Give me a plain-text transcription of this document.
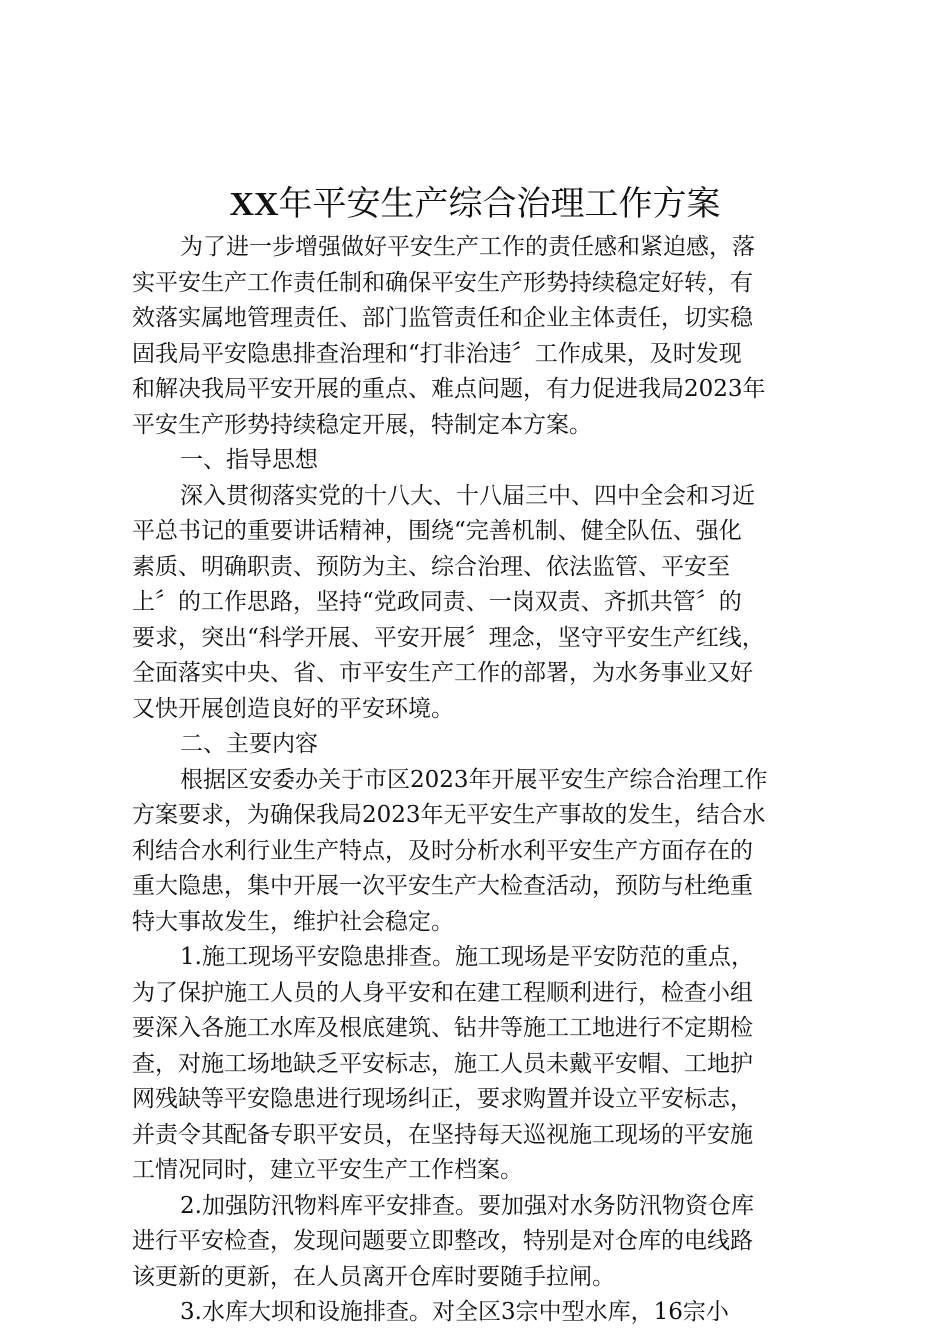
XX年平安生产综合治理工作方案
为了进一步增强做好平安生产工作的责任感和紧迫感，落
实平安生产工作责任制和确保平安生产形势持续稳定好转，有
效落实属地管理责任、部门监管责任和企业主体责任，切实稳
固我局平安隐患排查治理和“打非治违〞工作成果，及时发现
和解决我局平安开展的重点、难点问题，有力促进我局2023年
平安生产形势持续稳定开展，特制定本方案。
一、指导思想
深入贯彻落实党的十八大、十八届三中、四中全会和习近
平总书记的重要讲话精神，围绕“完善机制、健全队伍、强化
素质、明确职责、预防为主、综合治理、依法监管、平安至
上〞的工作思路，坚持“党政同责、一岗双责、齐抓共管〞的
要求，突出“科学开展、平安开展〞理念，坚守平安生产红线，
全面落实中央、省、市平安生产工作的部署，为水务事业又好
又快开展创造良好的平安环境。
二、主要内容
根据区安委办关于市区2023年开展平安生产综合治理工作
方案要求，为确保我局2023年无平安生产事故的发生，结合水
利结合水利行业生产特点，及时分析水利平安生产方面存在的
重大隐患，集中开展一次平安生产大检查活动，预防与杜绝重
特大事故发生，维护社会稳定。
1.施工现场平安隐患排查。施工现场是平安防范的重点，
为了保护施工人员的人身平安和在建工程顺利进行，检查小组
要深入各施工水库及根底建筑、钻井等施工工地进行不定期检
查，对施工场地缺乏平安标志，施工人员未戴平安帽、工地护
网残缺等平安隐患进行现场纠正，要求购置并设立平安标志，
并责令其配备专职平安员，在坚持每天巡视施工现场的平安施
工情况同时，建立平安生产工作档案。
2.加强防汛物料库平安排查。要加强对水务防汛物资仓库
进行平安检查，发现问题要立即整改，特别是对仓库的电线路
该更新的更新，在人员离开仓库时要随手拉闸。
3.水库大坝和设施排查。对全区3宗中型水库，16宗小
